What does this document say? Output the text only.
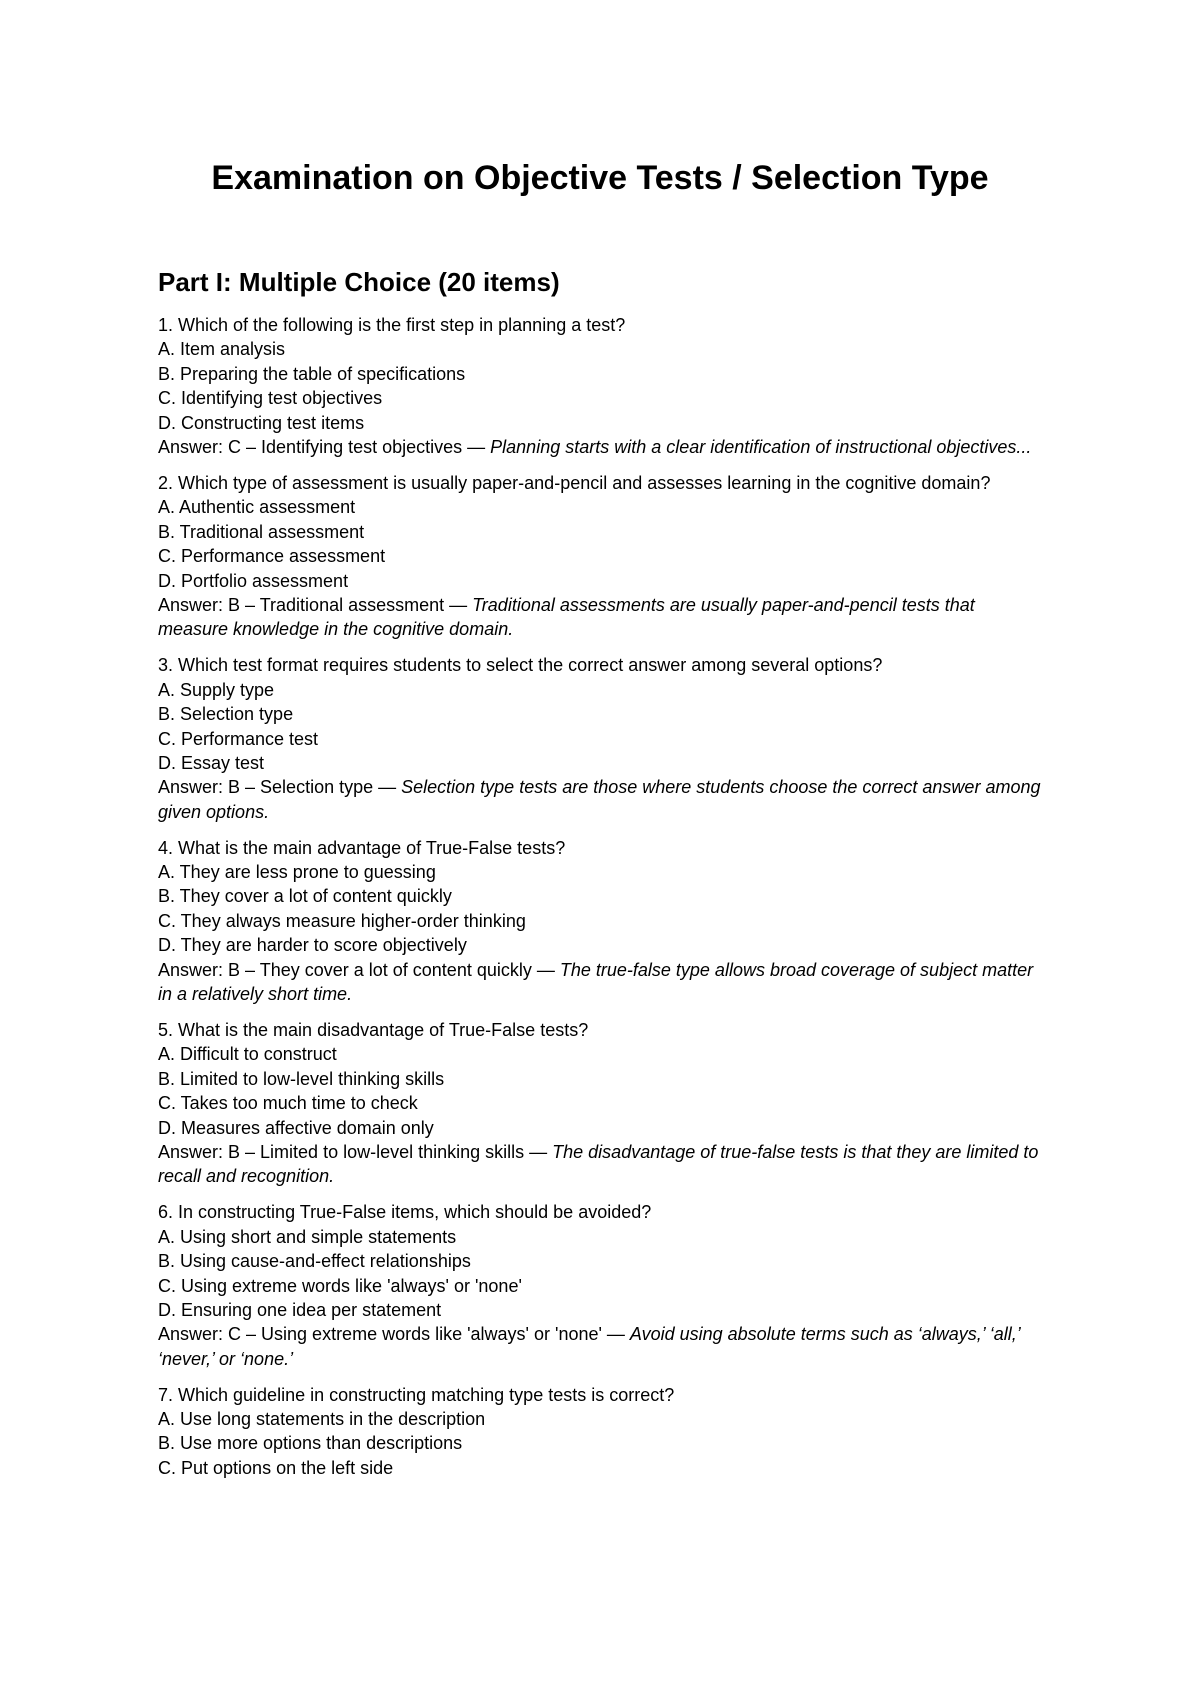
Examination on Objective Tests / Selection Type
Part I: Multiple Choice (20 items)
1. Which of the following is the first step in planning a test?
A. Item analysis
B. Preparing the table of specifications
C. Identifying test objectives
D. Constructing test items
Answer: C – Identifying test objectives — Planning starts with a clear identification of instructional objectives...
2. Which type of assessment is usually paper-and-pencil and assesses learning in the cognitive domain?
A. Authentic assessment
B. Traditional assessment
C. Performance assessment
D. Portfolio assessment
Answer: B – Traditional assessment — Traditional assessments are usually paper-and-pencil tests that measure knowledge in the cognitive domain.
3. Which test format requires students to select the correct answer among several options?
A. Supply type
B. Selection type
C. Performance test
D. Essay test
Answer: B – Selection type — Selection type tests are those where students choose the correct answer among given options.
4. What is the main advantage of True-False tests?
A. They are less prone to guessing
B. They cover a lot of content quickly
C. They always measure higher-order thinking
D. They are harder to score objectively
Answer: B – They cover a lot of content quickly — The true-false type allows broad coverage of subject matter in a relatively short time.
5. What is the main disadvantage of True-False tests?
A. Difficult to construct
B. Limited to low-level thinking skills
C. Takes too much time to check
D. Measures affective domain only
Answer: B – Limited to low-level thinking skills — The disadvantage of true-false tests is that they are limited to recall and recognition.
6. In constructing True-False items, which should be avoided?
A. Using short and simple statements
B. Using cause-and-effect relationships
C. Using extreme words like 'always' or 'none'
D. Ensuring one idea per statement
Answer: C – Using extreme words like 'always' or 'none' — Avoid using absolute terms such as ‘always,’ ‘all,’ ‘never,’ or ‘none.’
7. Which guideline in constructing matching type tests is correct?
A. Use long statements in the description
B. Use more options than descriptions
C. Put options on the left side
